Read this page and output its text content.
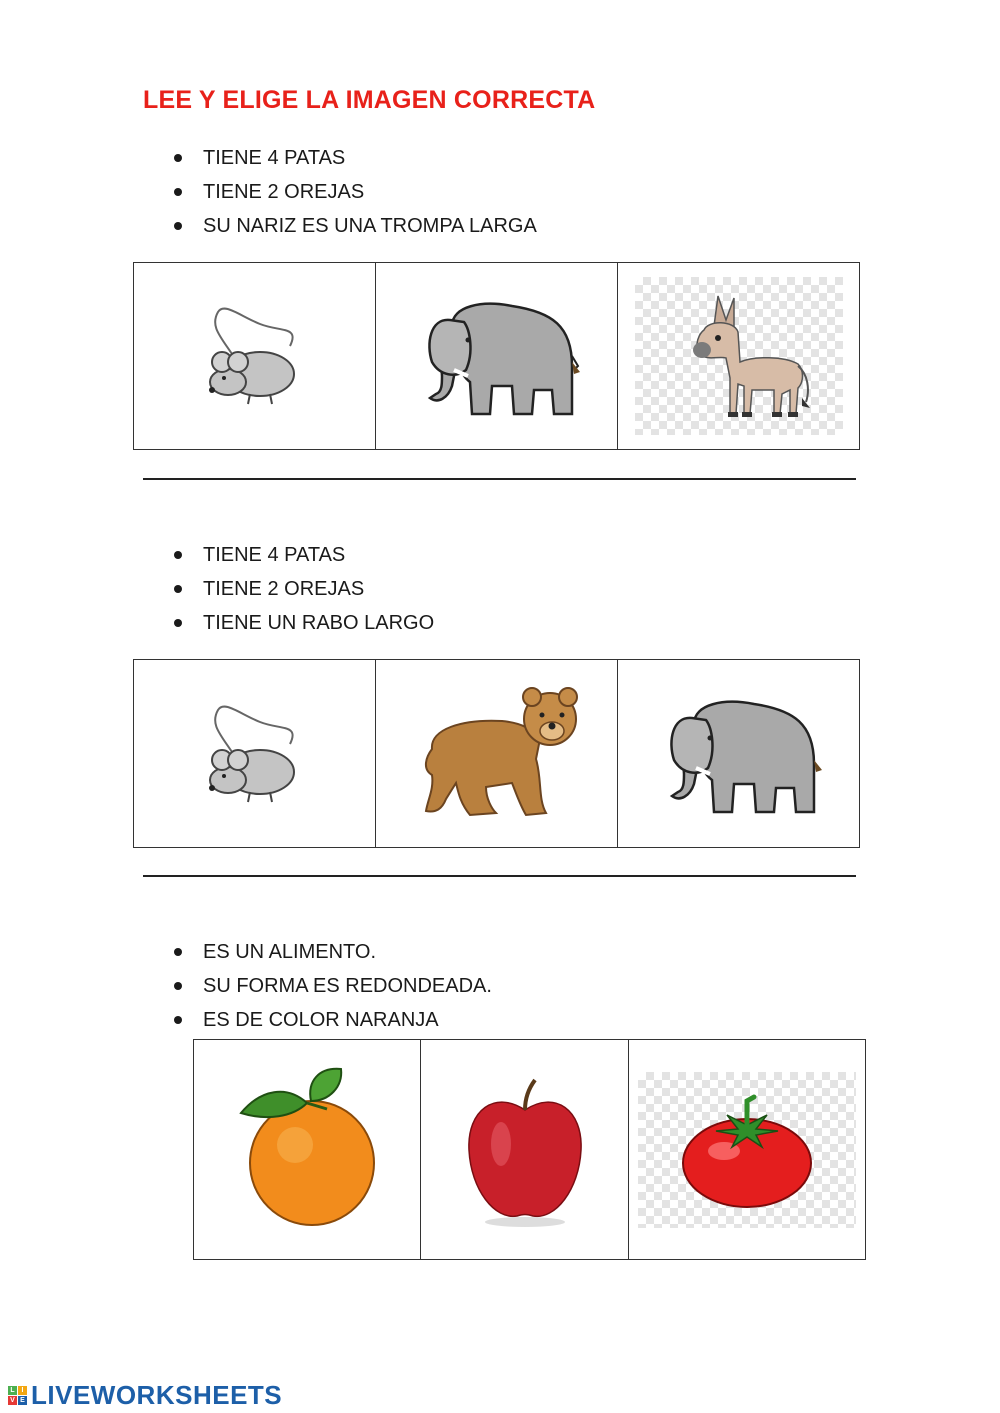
LEE Y ELIGE LA IMAGEN CORRECTA
TIENE 4 PATAS
TIENE 2 OREJAS
SU NARIZ ES UNA TROMPA LARGA
TIENE 4 PATAS
TIENE 2 OREJAS
TIENE UN RABO LARGO
ES UN ALIMENTO.
SU FORMA ES REDONDEADA.
ES DE COLOR NARANJA
L I
V E LIVEWORKSHEETS
